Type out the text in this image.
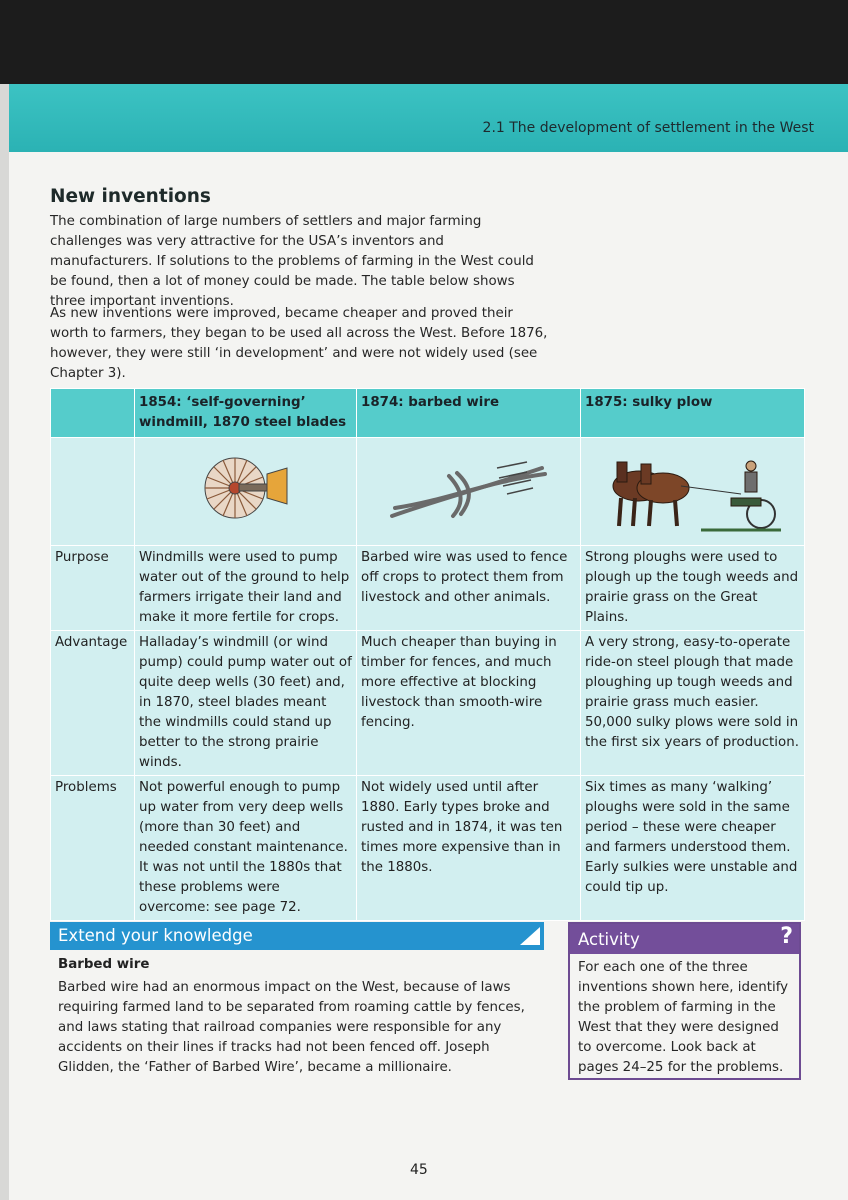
2.1 The development of settlement in the West
New inventions
The combination of large numbers of settlers and major farming challenges was very attractive for the USA’s inventors and manufacturers. If solutions to the problems of farming in the West could be found, then a lot of money could be made. The table below shows three important inventions.
As new inventions were improved, became cheaper and proved their worth to farmers, they began to be used all across the West. Before 1876, however, they were still ‘in development’ and were not widely used (see Chapter 3).
	1854: ‘self-governing’ windmill, 1870 steel blades	1874: barbed wire	1875: sulky plow

Purpose	Windmills were used to pump water out of the ground to help farmers irrigate their land and make it more fertile for crops.	Barbed wire was used to fence off crops to protect them from livestock and other animals.	Strong ploughs were used to plough up the tough weeds and prairie grass on the Great Plains.
Advantage	Halladay’s windmill (or wind pump) could pump water out of quite deep wells (30 feet) and, in 1870, steel blades meant the windmills could stand up better to the strong prairie winds.	Much cheaper than buying in timber for fences, and much more effective at blocking livestock than smooth-wire fencing.	A very strong, easy-to-operate ride-on steel plough that made ploughing up tough weeds and prairie grass much easier. 50,000 sulky plows were sold in the first six years of production.
Problems	Not powerful enough to pump up water from very deep wells (more than 30 feet) and needed constant maintenance. It was not until the 1880s that these problems were overcome: see page 72.	Not widely used until after 1880. Early types broke and rusted and in 1874, it was ten times more expensive than in the 1880s.	Six times as many ‘walking’ ploughs were sold in the same period – these were cheaper and farmers understood them. Early sulkies were unstable and could tip up.
Extend your knowledge
Barbed wire
Barbed wire had an enormous impact on the West, because of laws requiring farmed land to be separated from roaming cattle by fences, and laws stating that railroad companies were responsible for any accidents on their lines if tracks had not been fenced off. Joseph Glidden, the ‘Father of Barbed Wire’, became a millionaire.
Activity	?
For each one of the three inventions shown here, identify the problem of farming in the West that they were designed to overcome. Look back at pages 24–25 for the problems.
45
